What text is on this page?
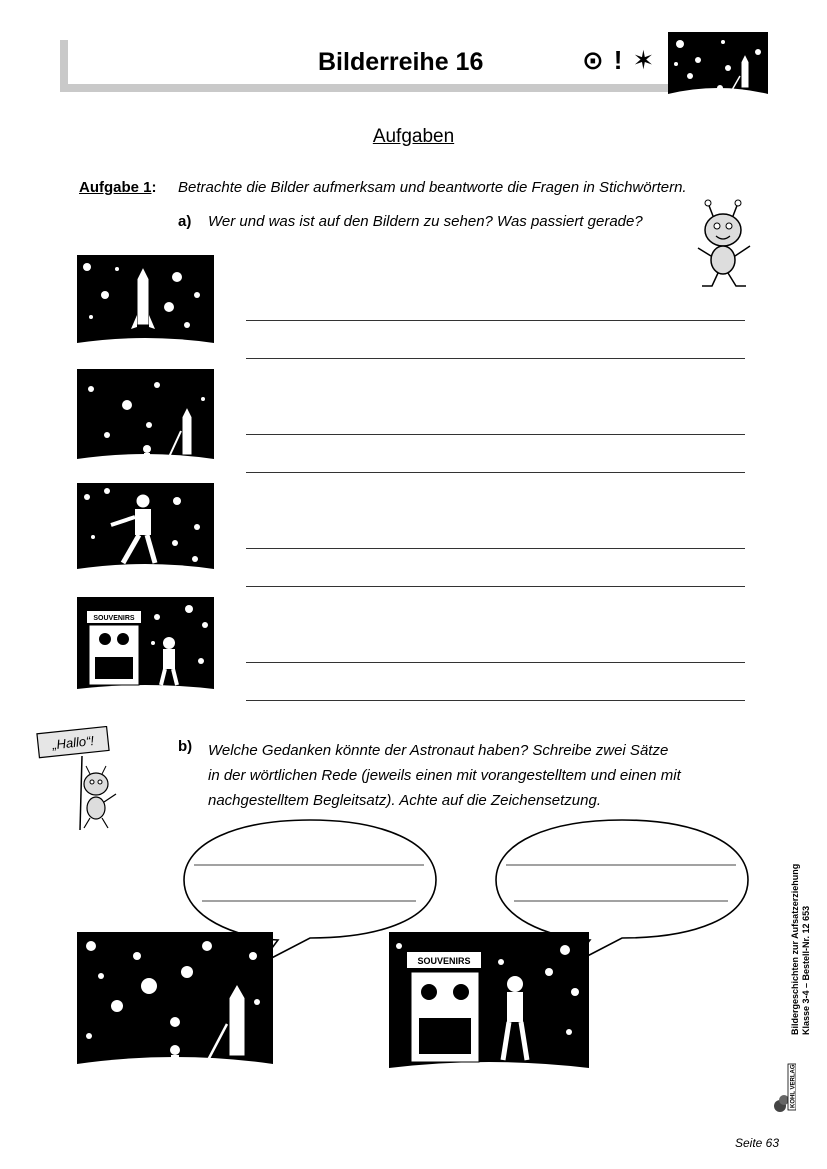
Bilderreihe 16	⊙ ! ✶
Aufgaben
Aufgabe 1: Betrachte die Bilder aufmerksam und beantworte die Fragen in Stichwörtern.
a) Wer und was ist auf den Bildern zu sehen? Was passiert gerade?
SOUVENIRS
„Hallo“!	b) Welche Gedanken könnte der Astronaut haben? Schreibe zwei Sätze
in der wörtlichen Rede (jeweils einen mit vorangestelltem und einen mit
nachgestelltem Begleitsatz). Achte auf die Zeichensetzung.
SOUVENIRS	Bildergeschichten zur Aufsatzerziehung Klasse 3-4 – Bestell-Nr. 12 653
KOHL VERLAG
Seite 63
